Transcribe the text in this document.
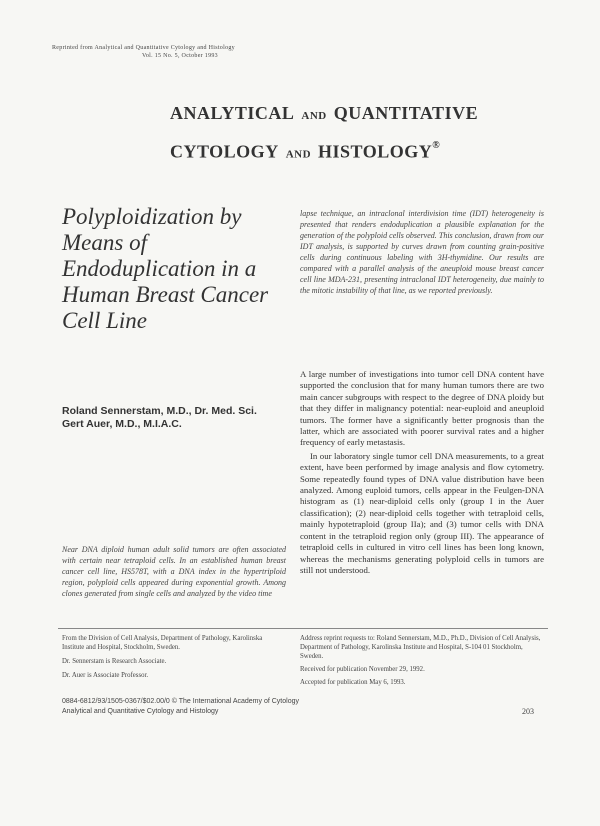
Reprinted from Analytical and Quantitative Cytology and Histology
Vol. 15 No. 5, October 1993
analytical and quantitative
cytology and histology®
Polyploidization by Means of Endoduplication in a Human Breast Cancer Cell Line
Roland Sennerstam, M.D., Dr. Med. Sci.
Gert Auer, M.D., M.I.A.C.
Near DNA diploid human adult solid tumors are often associated with certain near tetraploid cells. In an established human breast cancer cell line, HS578T, with a DNA index in the hypertriploid region, polyploid cells appeared during exponential growth. Among clones generated from single cells and analyzed by the video time
lapse technique, an intraclonal interdivision time (IDT) heterogeneity is presented that renders endoduplication a plausible explanation for the generation of the polyploid cells observed. This conclusion, drawn from our IDT analysis, is supported by curves drawn from counting grain-positive cells during continuous labeling with 3H-thymidine. Our results are compared with a parallel analysis of the aneuploid mouse breast cancer cell line MDA-231, presenting intraclonal IDT heterogeneity, due mainly to the mitotic instability of that line, as we reported previously.

A large number of investigations into tumor cell DNA content have supported the conclusion that for many human tumors there are two main cancer subgroups with respect to the degree of DNA ploidy but that they differ in malignancy potential: near-euploid and aneuploid tumors. The former have a significantly better prognosis than the latter, which are associated with poorer survival rates and a higher frequency of early metastasis.

In our laboratory single tumor cell DNA measurements, to a great extent, have been performed by image analysis and flow cytometry. Some repeatedly found types of DNA value distribution have been analyzed. Among euploid tumors, cells appear in the Feulgen-DNA histogram as (1) near-diploid cells only (group I in the Auer classification); (2) near-diploid cells together with tetraploid cells, mainly hypotetraploid (group IIa); and (3) tumor cells with DNA content in the tetraploid region only (group III). The appearance of tetraploid cells in cultured in vitro cell lines has been long known, whereas the mechanisms generating polyploid cells in tumors are still not understood.

From the Division of Cell Analysis, Department of Pathology, Karolinska Institute and Hospital, Stockholm, Sweden.

Dr. Sennerstam is Research Associate.

Dr. Auer is Associate Professor.

Address reprint requests to: Roland Sennerstam, M.D., Ph.D., Division of Cell Analysis, Department of Pathology, Karolinska Institute and Hospital, S-104 01 Stockholm, Sweden.

Received for publication November 29, 1992.

Accepted for publication May 6, 1993.

0884-6812/93/1505-0367/$02.00/0 © The International Academy of Cytology
Analytical and Quantitative Cytology and Histology	203
